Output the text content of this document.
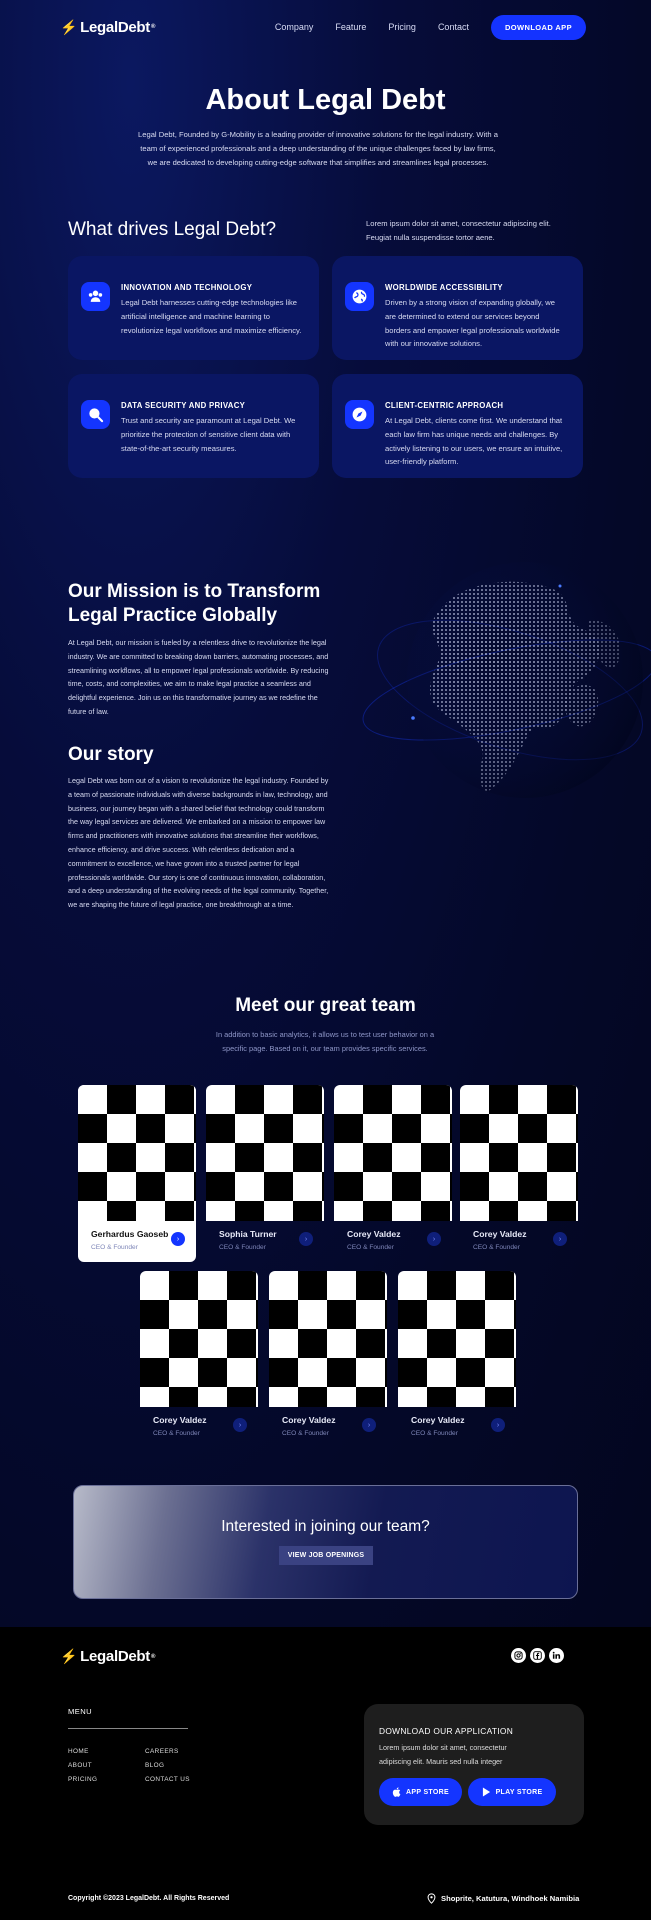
⚡ LegalDebt ®	Company Feature Pricing Contact	DOWNLOAD APP
About Legal Debt

Legal Debt, Founded by G-Mobility is a leading provider of innovative solutions for the legal industry. With a team of experienced professionals and a deep understanding of the unique challenges faced by law firms, we are dedicated to developing cutting-edge software that simplifies and streamlines legal processes.

What drives Legal Debt?	Lorem ipsum dolor sit amet, consectetur adipiscing elit. Feugiat nulla suspendisse tortor aene.

INNOVATION AND TECHNOLOGY

Legal Debt harnesses cutting-edge technologies like artificial intelligence and machine learning to revolutionize legal workflows and maximize efficiency.

WORLDWIDE ACCESSIBILITY

Driven by a strong vision of expanding globally, we are determined to extend our services beyond borders and empower legal professionals worldwide with our innovative solutions.

DATA SECURITY AND PRIVACY

Trust and security are paramount at Legal Debt. We prioritize the protection of sensitive client data with state-of-the-art security measures.

CLIENT-CENTRIC APPROACH

At Legal Debt, clients come first. We understand that each law firm has unique needs and challenges. By actively listening to our users, we ensure an intuitive, user-friendly platform.

Our Mission is to Transform Legal Practice Globally

At Legal Debt, our mission is fueled by a relentless drive to revolutionize the legal industry. We are committed to breaking down barriers, automating processes, and streamlining workflows, all to empower legal professionals worldwide. By reducing time, costs, and complexities, we aim to make legal practice a seamless and delightful experience. Join us on this transformative journey as we redefine the future of law.

Our story

Legal Debt was born out of a vision to revolutionize the legal industry. Founded by a team of passionate individuals with diverse backgrounds in law, technology, and business, our journey began with a shared belief that technology could transform the way legal services are delivered. We embarked on a mission to empower law firms and practitioners with innovative solutions that streamline their workflows, enhance efficiency, and drive success. With relentless dedication and a commitment to excellence, we have grown into a trusted partner for legal professionals worldwide. Our story is one of continuous innovation, collaboration, and a deep understanding of the evolving needs of the legal community. Together, we are shaping the future of legal practice, one breakthrough at a time.

Meet our great team

In addition to basic analytics, it allows us to test user behavior on a specific page. Based on it, our team provides specific services.

Gerhardus Gaoseb
CEO & Founder
›	Sophia Turner
CEO & Founder
›	Corey Valdez
CEO & Founder
›	Corey Valdez
CEO & Founder
›
Corey Valdez
CEO & Founder
›	Corey Valdez
CEO & Founder
›	Corey Valdez
CEO & Founder
›
Interested in joining our team?
VIEW JOB OPENINGS
⚡ LegalDebt ®
MENU
HOME
ABOUT
PRICING
CAREERS
BLOG
CONTACT US
DOWNLOAD OUR APPLICATION

Lorem ipsum dolor sit amet, consectetur adipiscing elit. Mauris sed nulla integer

APP STORE	PLAY STORE
Copyright ©2023 LegalDebt. All Rights Reserved	Shoprite, Katutura, Windhoek Namibia
